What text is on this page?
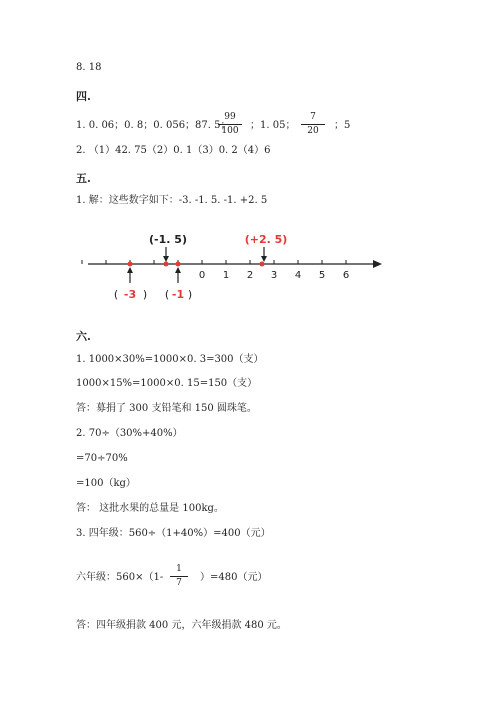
8. 18
四.
1. 0. 06；0. 8；0. 056；87. 5；
99
100	；1. 05；
7
20	；5
2. （1）42. 75（2）0. 1（3）0. 2（4）6
五.
1. 解：这些数字如下：-3. -1. 5. -1. +2. 5
0 1 2 3 4 5 6
(-1. 5)	(+2. 5)
( -3 ) ( -1 )
六.
1. 1000×30%=1000×0. 3=300（支）
1000×15%=1000×0. 15=150（支）
答：募捐了 300 支铅笔和 150 圆珠笔。
2. 70÷（30%+40%）
=70÷70%
=100（kg）
答： 这批水果的总量是 100kg。
3. 四年级：560÷（1+40%）=400（元）
六年级：560×（1-
1
7	）=480（元）
答：四年级捐款 400 元，六年级捐款 480 元。
